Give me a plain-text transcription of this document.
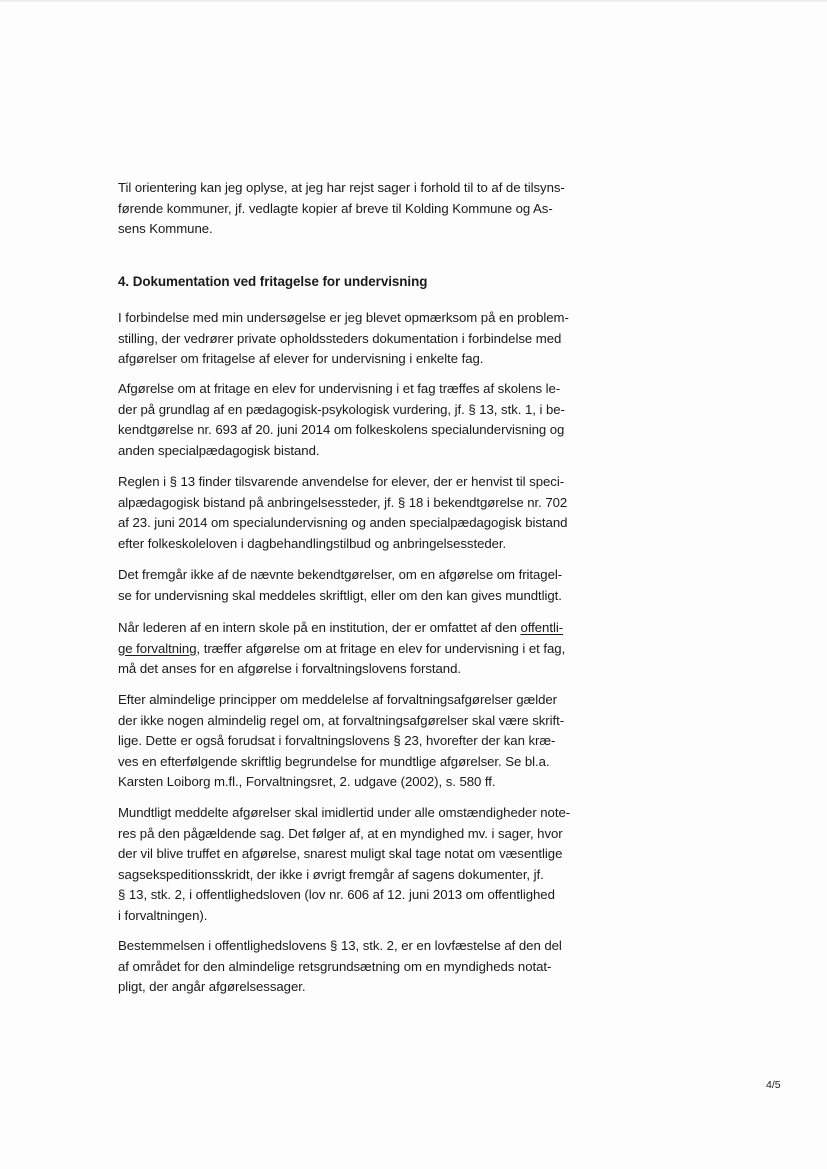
Til orientering kan jeg oplyse, at jeg har rejst sager i forhold til to af de tilsyns-
førende kommuner, jf. vedlagte kopier af breve til Kolding Kommune og As-
sens Kommune.

4. Dokumentation ved fritagelse for undervisning

I forbindelse med min undersøgelse er jeg blevet opmærksom på en problem-
stilling, der vedrører private opholdssteders dokumentation i forbindelse med
afgørelser om fritagelse af elever for undervisning i enkelte fag.

Afgørelse om at fritage en elev for undervisning i et fag træffes af skolens le-
der på grundlag af en pædagogisk-psykologisk vurdering, jf. § 13, stk. 1, i be-
kendtgørelse nr. 693 af 20. juni 2014 om folkeskolens specialundervisning og
anden specialpædagogisk bistand.

Reglen i § 13 finder tilsvarende anvendelse for elever, der er henvist til speci-
alpædagogisk bistand på anbringelsessteder, jf. § 18 i bekendtgørelse nr. 702
af 23. juni 2014 om specialundervisning og anden specialpædagogisk bistand
efter folkeskoleloven i dagbehandlingstilbud og anbringelsessteder.

Det fremgår ikke af de nævnte bekendtgørelser, om en afgørelse om fritagel-
se for undervisning skal meddeles skriftligt, eller om den kan gives mundtligt.

Når lederen af en intern skole på en institution, der er omfattet af den offentli-
ge forvaltning, træffer afgørelse om at fritage en elev for undervisning i et fag,
må det anses for en afgørelse i forvaltningslovens forstand.

Efter almindelige principper om meddelelse af forvaltningsafgørelser gælder
der ikke nogen almindelig regel om, at forvaltningsafgørelser skal være skrift-
lige. Dette er også forudsat i forvaltningslovens § 23, hvorefter der kan kræ-
ves en efterfølgende skriftlig begrundelse for mundtlige afgørelser. Se bl.a.
Karsten Loiborg m.fl., Forvaltningsret, 2. udgave (2002), s. 580 ff.

Mundtligt meddelte afgørelser skal imidlertid under alle omstændigheder note-
res på den pågældende sag. Det følger af, at en myndighed mv. i sager, hvor
der vil blive truffet en afgørelse, snarest muligt skal tage notat om væsentlige
sagsekspeditionsskridt, der ikke i øvrigt fremgår af sagens dokumenter, jf.
§ 13, stk. 2, i offentlighedsloven (lov nr. 606 af 12. juni 2013 om offentlighed
i forvaltningen).

Bestemmelsen i offentlighedslovens § 13, stk. 2, er en lovfæstelse af den del
af området for den almindelige retsgrundsætning om en myndigheds notat-
pligt, der angår afgørelsessager.

4/5
